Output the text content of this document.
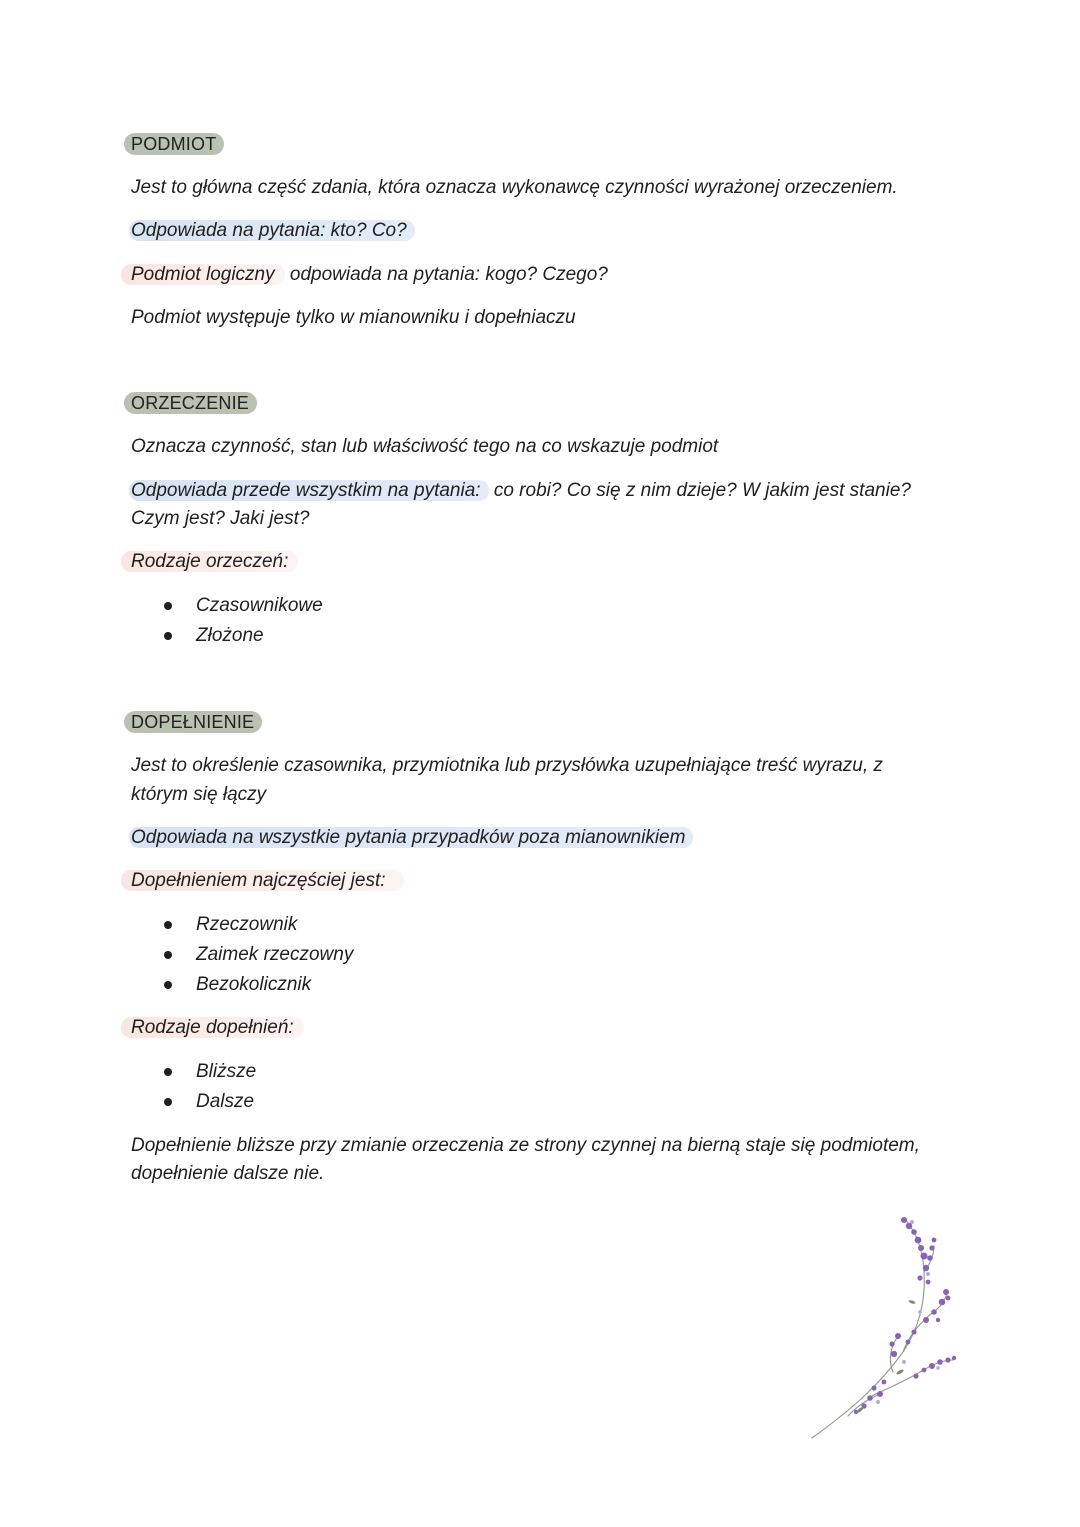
PODMIOT
Jest to główna część zdania, która oznacza wykonawcę czynności wyrażonej orzeczeniem.
Odpowiada na pytania: kto? Co?
Podmiot logiczny odpowiada na pytania: kogo? Czego?
Podmiot występuje tylko w mianowniku i dopełniaczu
ORZECZENIE
Oznacza czynność, stan lub właściwość tego na co wskazuje podmiot
Odpowiada przede wszystkim na pytania: co robi? Co się z nim dzieje? W jakim jest stanie?
Czym jest? Jaki jest?
Rodzaje orzeczeń:
Czasownikowe
Złożone
DOPEŁNIENIE
Jest to określenie czasownika, przymiotnika lub przysłówka uzupełniające treść wyrazu, z
którym się łączy
Odpowiada na wszystkie pytania przypadków poza mianownikiem
Dopełnieniem najczęściej jest:
Rzeczownik
Zaimek rzeczowny
Bezokolicznik
Rodzaje dopełnień:
Bliższe
Dalsze
Dopełnienie bliższe przy zmianie orzeczenia ze strony czynnej na bierną staje się podmiotem,
dopełnienie dalsze nie.
